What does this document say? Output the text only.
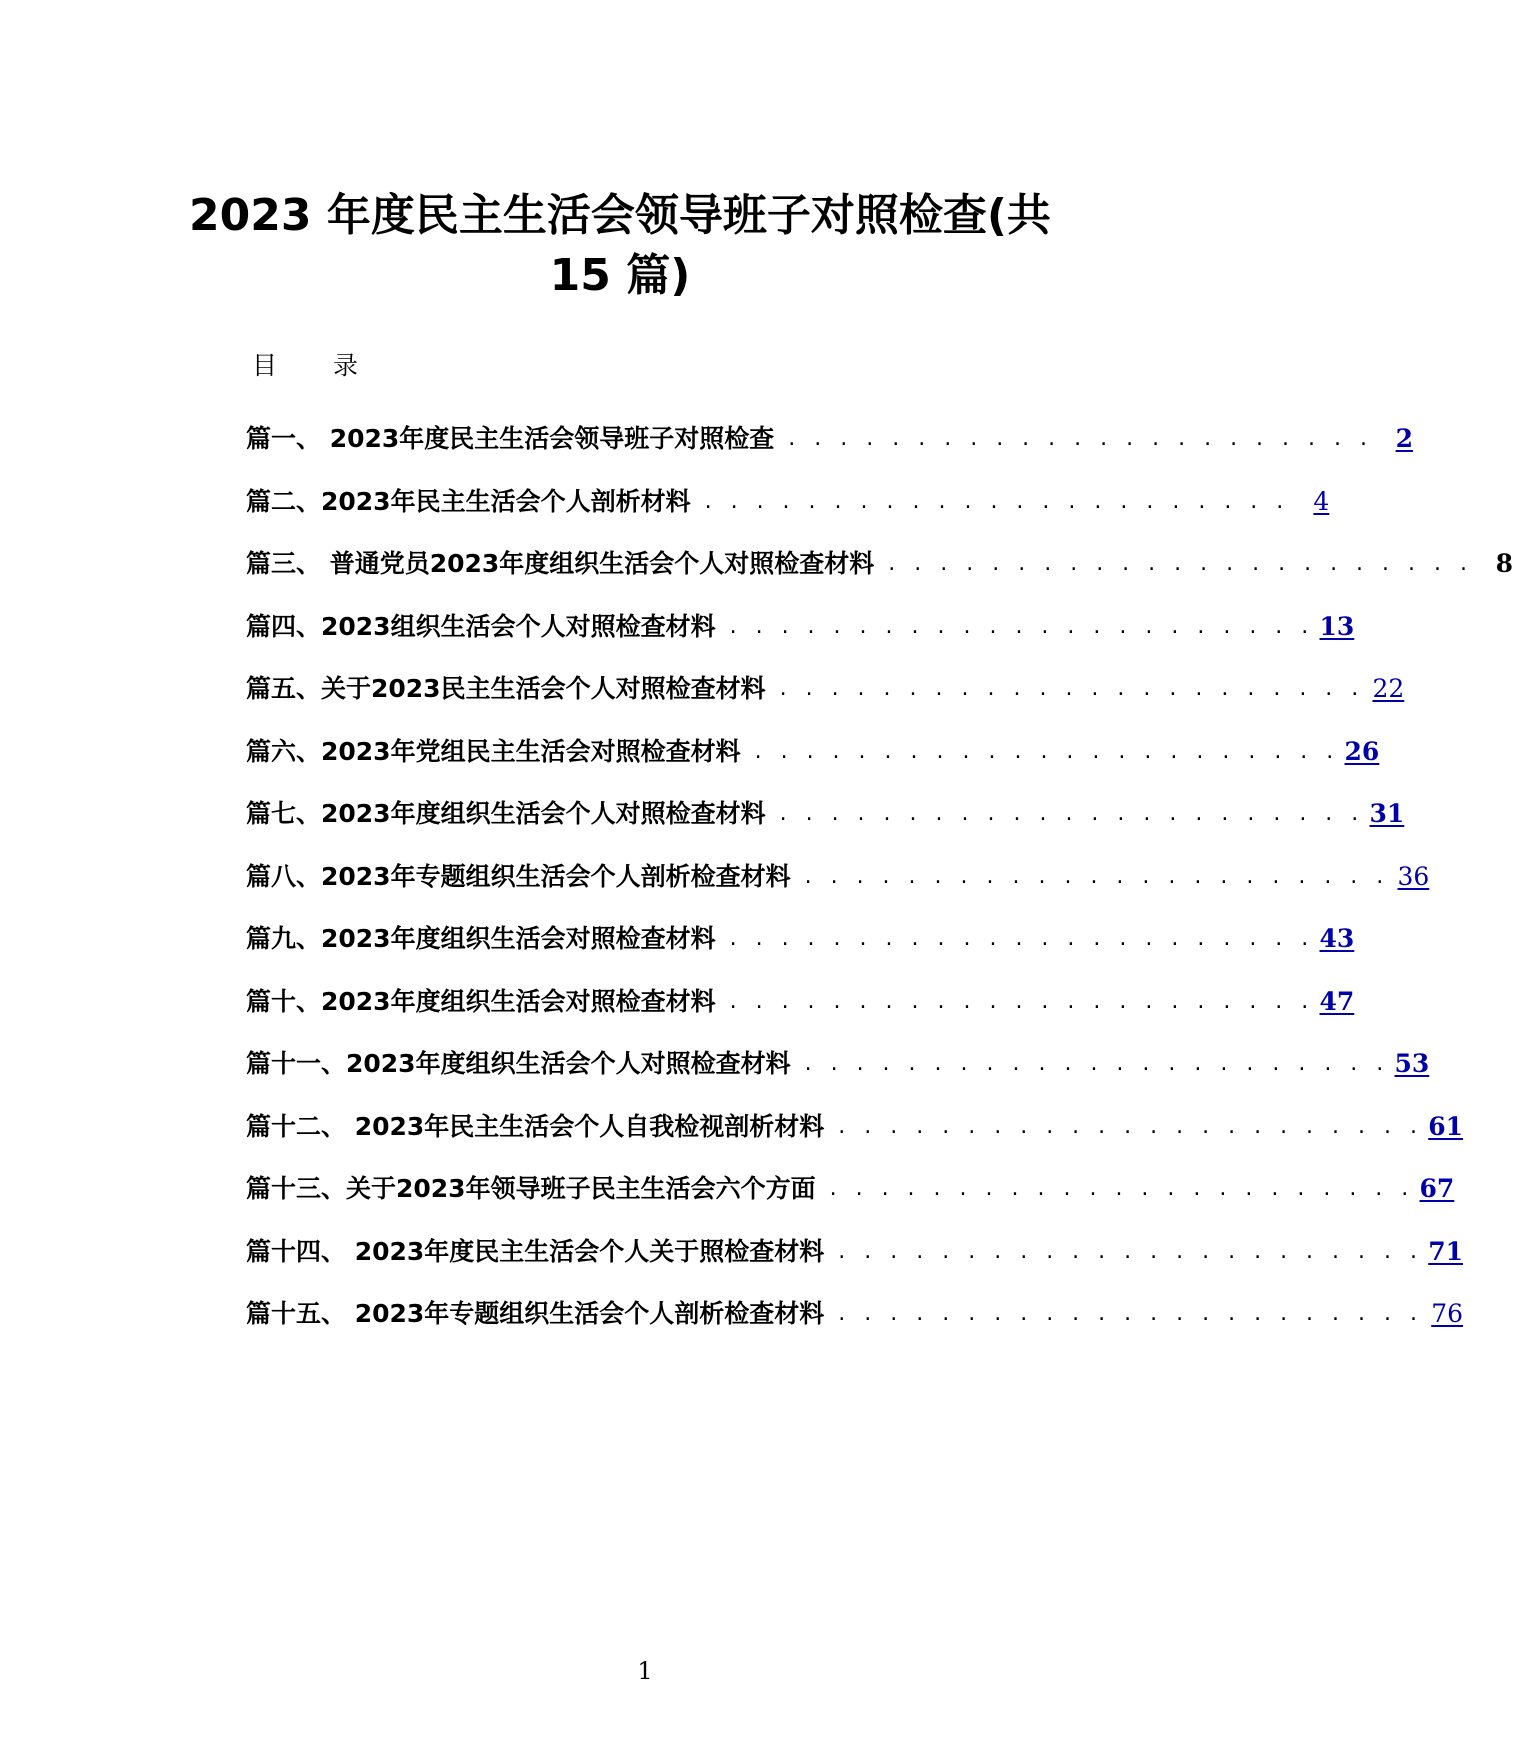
2023 年度民主生活会领导班子对照检查(共
15 篇)
目 录
篇一、 2023年度民主生活会领导班子对照检查 . . . . . . . . . . . . . . . . . . . . . . . 2
篇二、2023年民主生活会个人剖析材料 . . . . . . . . . . . . . . . . . . . . . . . 4
篇三、 普通党员2023年度组织生活会个人对照检查材料 . . . . . . . . . . . . . . . . . . . . . . . 8
篇四、2023组织生活会个人对照检查材料 . . . . . . . . . . . . . . . . . . . . . . . 13
篇五、关于2023民主生活会个人对照检查材料 . . . . . . . . . . . . . . . . . . . . . . . 22
篇六、2023年党组民主生活会对照检查材料 . . . . . . . . . . . . . . . . . . . . . . . 26
篇七、2023年度组织生活会个人对照检查材料 . . . . . . . . . . . . . . . . . . . . . . . 31
篇八、2023年专题组织生活会个人剖析检查材料 . . . . . . . . . . . . . . . . . . . . . . . 36
篇九、2023年度组织生活会对照检查材料 . . . . . . . . . . . . . . . . . . . . . . . 43
篇十、2023年度组织生活会对照检查材料 . . . . . . . . . . . . . . . . . . . . . . . 47
篇十一、2023年度组织生活会个人对照检查材料 . . . . . . . . . . . . . . . . . . . . . . . 53
篇十二、 2023年民主生活会个人自我检视剖析材料 . . . . . . . . . . . . . . . . . . . . . . . 61
篇十三、关于2023年领导班子民主生活会六个方面 . . . . . . . . . . . . . . . . . . . . . . . 67
篇十四、 2023年度民主生活会个人关于照检查材料 . . . . . . . . . . . . . . . . . . . . . . . 71
篇十五、 2023年专题组织生活会个人剖析检查材料 . . . . . . . . . . . . . . . . . . . . . . . 76
1
